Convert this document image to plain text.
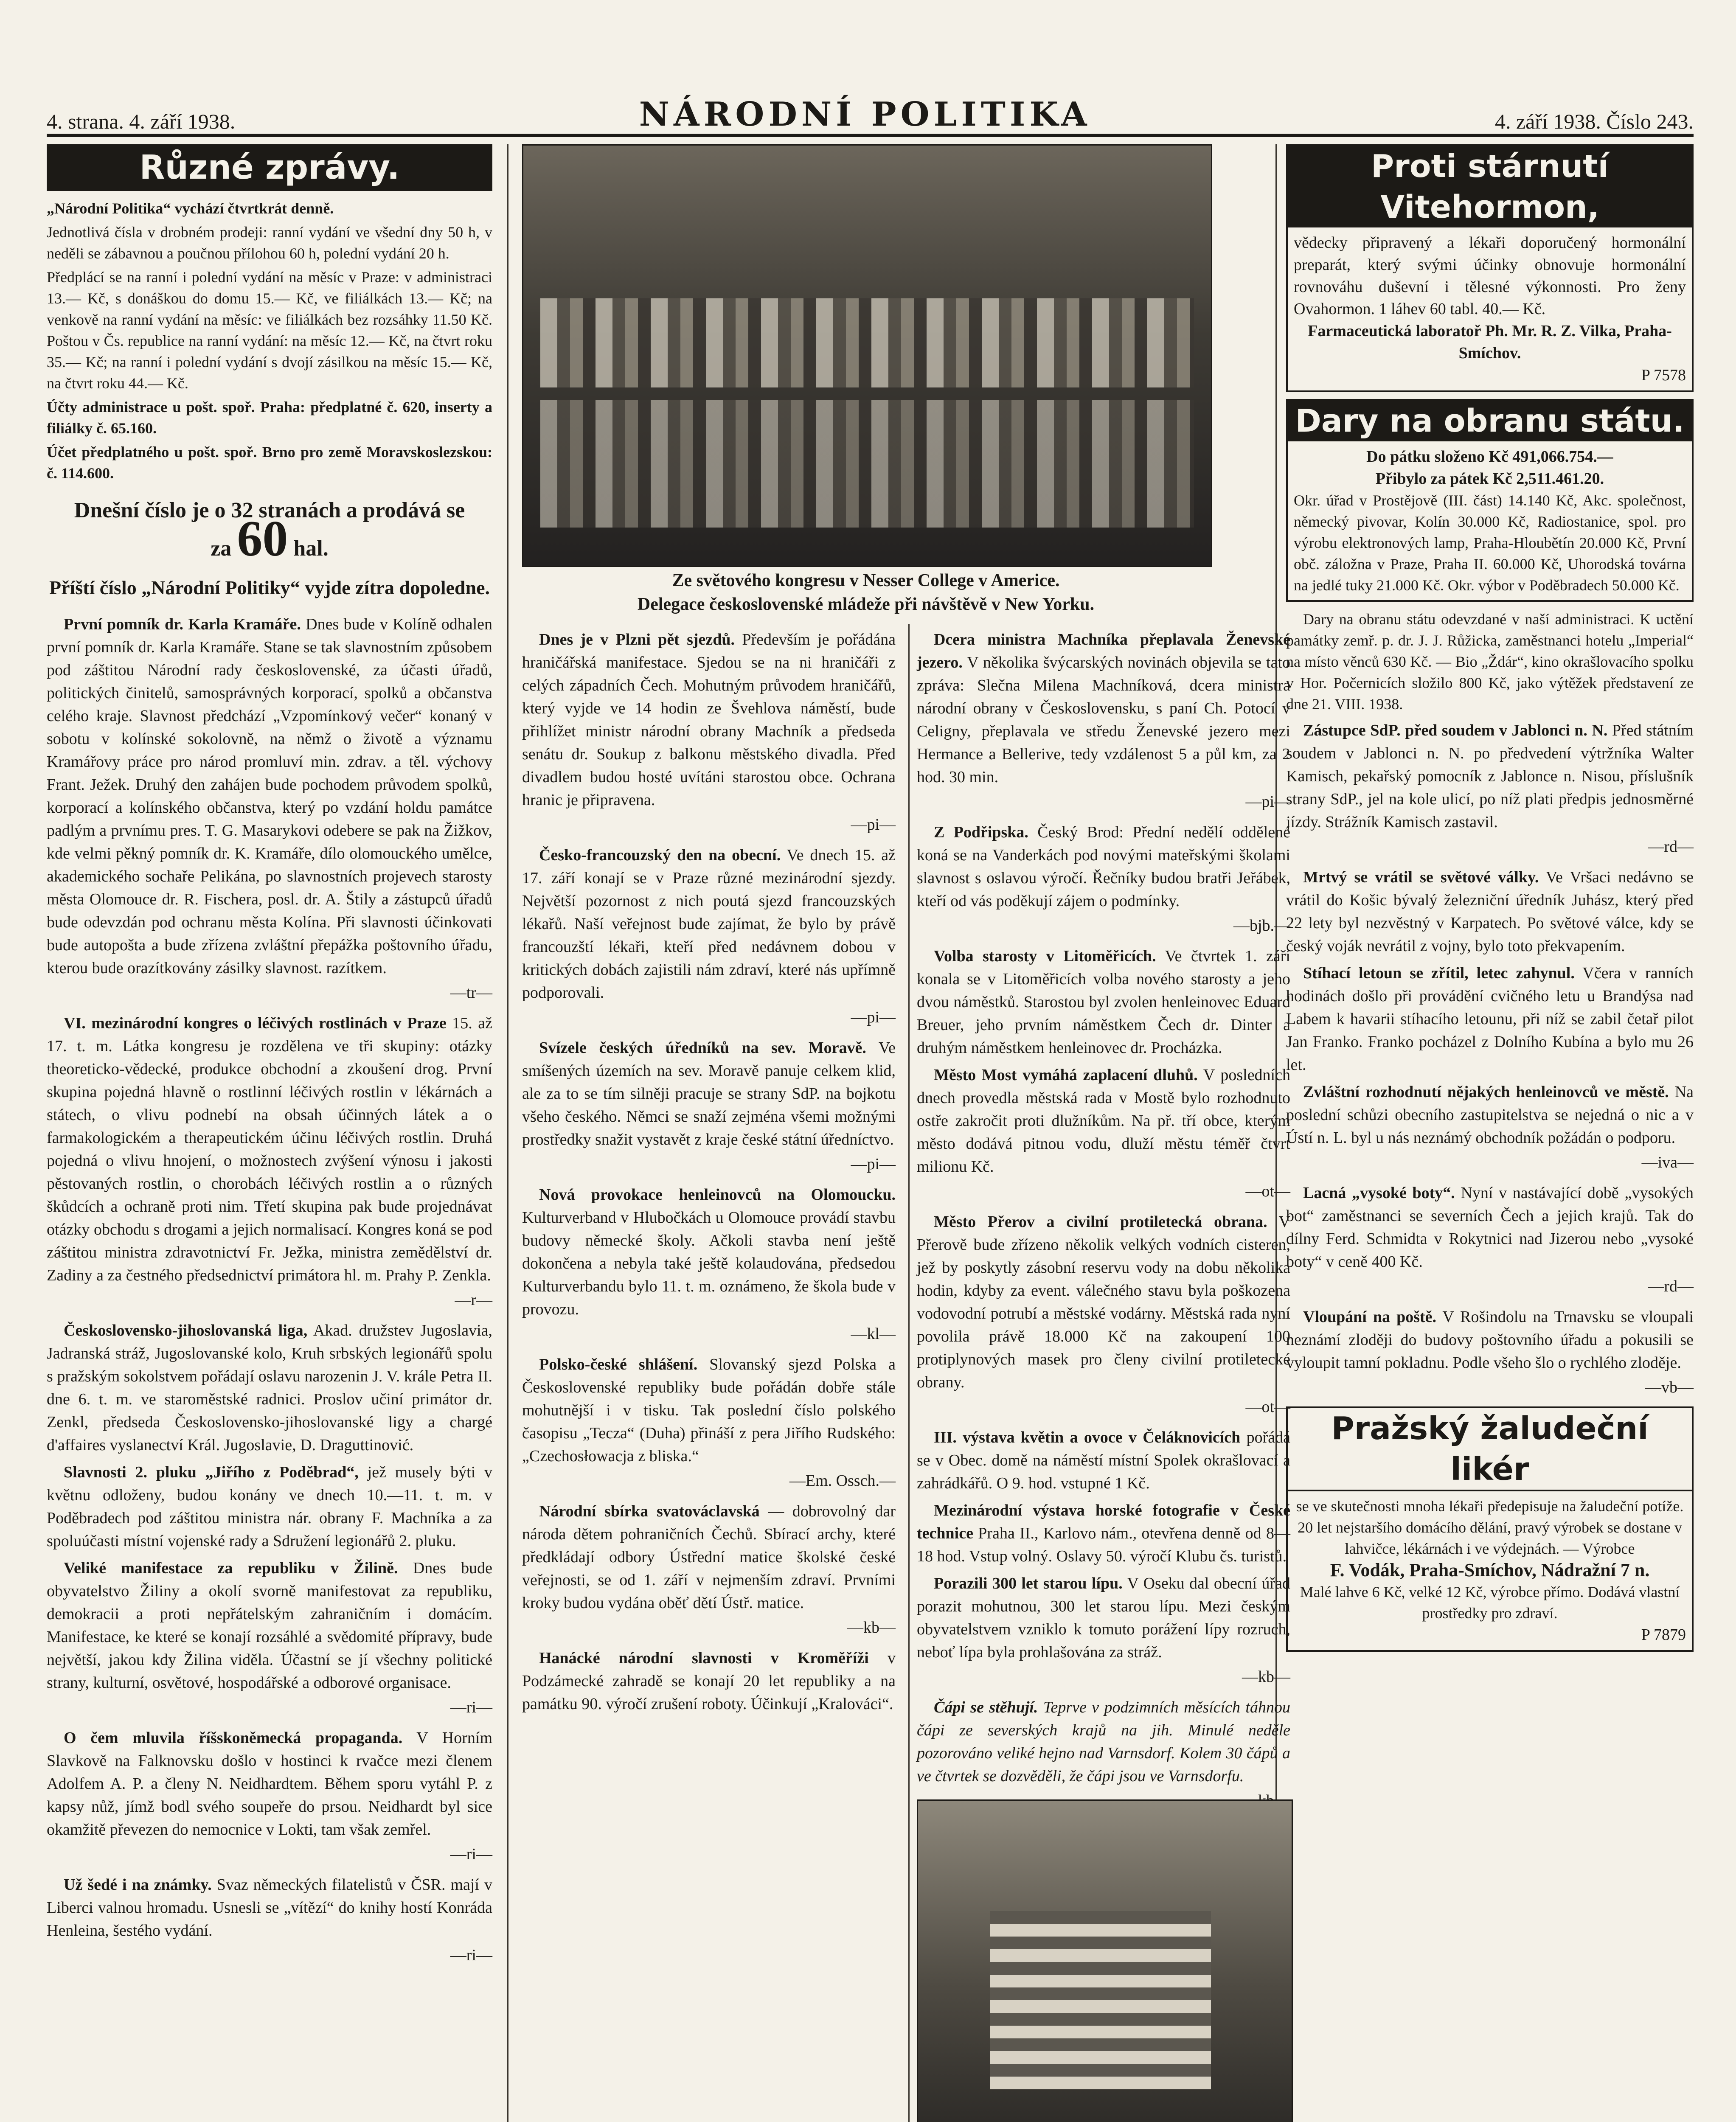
4. strana. 4. září 1938.	NÁRODNÍ POLITIKA	4. září 1938. Číslo 243.
Různé zprávy.

„Národní Politika“ vychází čtvrtkrát denně.

Jednotlivá čísla v drobném prodeji: ranní vydání ve všední dny 50 h, v neděli se zábavnou a poučnou přílohou 60 h, polední vydání 20 h.

Předplácí se na ranní i polední vydání na měsíc v Praze: v administraci 13.— Kč, s donáškou do domu 15.— Kč, ve filiálkách 13.— Kč; na venkově na ranní vydání na měsíc: ve filiálkách bez rozsáhky 11.50 Kč. Poštou v Čs. republice na ranní vydání: na měsíc 12.— Kč, na čtvrt roku 35.— Kč; na ranní i polední vydání s dvojí zásilkou na měsíc 15.— Kč, na čtvrt roku 44.— Kč.

Účty administrace u pošt. spoř. Praha: předplatné č. 620, inserty a filiálky č. 65.160.

Účet předplatného u pošt. spoř. Brno pro země Moravskoslezskou: č. 114.600.

Dnešní číslo je o 32 stranách a prodává se
za 60 hal.
Příští číslo „Národní Politiky“ vyjde zítra dopoledne.

První pomník dr. Karla Kramáře. Dnes bude v Kolíně odhalen první pomník dr. Karla Kramáře. Stane se tak slavnostním způsobem pod záštitou Národní rady československé, za účasti úřadů, politických činitelů, samosprávných korporací, spolků a občanstva celého kraje. Slavnost předchází „Vzpomínkový večer“ konaný v sobotu v kolínské sokolovně, na němž o životě a významu Kramářovy práce pro národ promluví min. zdrav. a těl. výchovy Frant. Ježek. Druhý den zahájen bude pochodem průvodem spolků, korporací a kolínského občanstva, který po vzdání holdu památce padlým a prvnímu pres. T. G. Masarykovi odebere se pak na Žižkov, kde velmi pěkný pomník dr. K. Kramáře, dílo olomouckého umělce, akademického sochaře Pelikána, po slavnostních projevech starosty města Olomouce dr. R. Fischera, posl. dr. A. Štily a zástupců úřadů bude odevzdán pod ochranu města Kolína. Při slavnosti účinkovati bude autopošta a bude zřízena zvláštní přepážka poštovního úřadu, kterou bude orazítkovány zásilky slavnost. razítkem.

—tr—

VI. mezinárodní kongres o léčivých rostlinách v Praze 15. až 17. t. m. Látka kongresu je rozdělena ve tři skupiny: otázky theoreticko-vědecké, produkce obchodní a zkoušení drog. První skupina pojedná hlavně o rostlinní léčivých rostlin v lékárnách a státech, o vlivu podnebí na obsah účinných látek a o farmakologickém a therapeutickém účinu léčivých rostlin. Druhá pojedná o vlivu hnojení, o možnostech zvýšení výnosu i jakosti pěstovaných rostlin, o chorobách léčivých rostlin a o různých škůdcích a ochraně proti nim. Třetí skupina pak bude projednávat otázky obchodu s drogami a jejich normalisací. Kongres koná se pod záštitou ministra zdravotnictví Fr. Ježka, ministra zemědělství dr. Zadiny a za čestného předsednictví primátora hl. m. Prahy P. Zenkla.

—r—

Československo-jihoslovanská liga, Akad. družstev Jugoslavia, Jadranská stráž, Jugoslovanské kolo, Kruh srbských legionářů spolu s pražským sokolstvem pořádají oslavu narozenin J. V. krále Petra II. dne 6. t. m. ve staroměstské radnici. Proslov učiní primátor dr. Zenkl, předseda Československo-jihoslovanské ligy a chargé d'affaires vyslanectví Král. Jugoslavie, D. Draguttinović.

Slavnosti 2. pluku „Jiřího z Poděbrad“, jež musely býti v květnu odloženy, budou konány ve dnech 10.—11. t. m. v Poděbradech pod záštitou ministra nár. obrany F. Machníka a za spoluúčasti místní vojenské rady a Sdružení legionářů 2. pluku.

Veliké manifestace za republiku v Žilině. Dnes bude obyvatelstvo Žiliny a okolí svorně manifestovat za republiku, demokracii a proti nepřátelským zahraničním i domácím. Manifestace, ke které se konají rozsáhlé a svědomité přípravy, bude největší, jakou kdy Žilina viděla. Účastní se jí všechny politické strany, kulturní, osvětové, hospodářské a odborové organisace.

—ri—

O čem mluvila říšskoněmecká propaganda. V Horním Slavkově na Falknovsku došlo v hostinci k rvačce mezi členem Adolfem A. P. a členy N. Neidhardtem. Během sporu vytáhl P. z kapsy nůž, jímž bodl svého soupeře do prsou. Neidhardt byl sice okamžitě převezen do nemocnice v Lokti, tam však zemřel.

—ri—

Už šedé i na známky. Svaz německých filatelistů v ČSR. mají v Liberci valnou hromadu. Usnesli se „vítězí“ do knihy hostí Konráda Henleina, šestého vydání.

—ri—
Ze světového kongresu v Nesser College v Americe.
Delegace československé mládeže při návštěvě v New Yorku.

Dnes je v Plzni pět sjezdů. Především je pořádána hraničářská manifestace. Sjedou se na ni hraničáři z celých západních Čech. Mohutným průvodem hraničářů, který vyjde ve 14 hodin ze Švehlova náměstí, bude přihlížet ministr národní obrany Machník a předseda senátu dr. Soukup z balkonu městského divadla. Před divadlem budou hosté uvítáni starostou obce. Ochrana hranic je připravena.

—pi—

Česko-francouzský den na obecní. Ve dnech 15. až 17. září konají se v Praze různé mezinárodní sjezdy. Největší pozornost z nich poutá sjezd francouzských lékařů. Naší veřejnost bude zajímat, že bylo by právě francouzští lékaři, kteří před nedávnem dobou v kritických dobách zajistili nám zdraví, které nás upřímně podporovali.

—pi—

Svízele českých úředníků na sev. Moravě. Ve smíšených územích na sev. Moravě panuje celkem klid, ale za to se tím silněji pracuje se strany SdP. na bojkotu všeho českého. Němci se snaží zejména všemi možnými prostředky snažit vystavět z kraje české státní úředníctvo.

—pi—

Nová provokace henleinovců na Olomoucku. Kulturverband v Hlubočkách u Olomouce provádí stavbu budovy německé školy. Ačkoli stavba není ještě dokončena a nebyla také ještě kolaudována, předsedou Kulturverbandu bylo 11. t. m. oznámeno, že škola bude v provozu.

—kl—

Polsko-české shlášení. Slovanský sjezd Polska a Československé republiky bude pořádán dobře stále mohutnější i v tisku. Tak poslední číslo polského časopisu „Tecza“ (Duha) přináší z pera Jiřího Rudského: „Czechosłowacja z bliska.“

—Em. Ossch.—

Národní sbírka svatováclavská — dobrovolný dar národa dětem pohraničních Čechů. Sbírací archy, které předkládají odbory Ústřední matice školské české veřejnosti, se od 1. září v nejmenším zdraví. Prvními kroky budou vydána oběť dětí Ústř. matice.

—kb—

Hanácké národní slavnosti v Kroměříži v Podzámecké zahradě se konají 20 let republiky a na památku 90. výročí zrušení roboty. Účinkují „Kralováci“.

Dcera ministra Machníka přeplavala Ženevské jezero. V několika švýcarských novinách objevila se tato zpráva: Slečna Milena Machníková, dcera ministra národní obrany v Československu, s paní Ch. Potocí v Celigny, přeplavala ve středu Ženevské jezero mezi Hermance a Bellerive, tedy vzdálenost 5 a půl km, za 2 hod. 30 min.

—pi—

Z Podřipska. Český Brod: Přední nedělí oddělené koná se na Vanderkách pod novými mateřskými školami slavnost s oslavou výročí. Řečníky budou bratři Jeřábek, kteří od vás poděkují zájem o podmínky.

—bjb.—

Volba starosty v Litoměřicích. Ve čtvrtek 1. září konala se v Litoměřicích volba nového starosty a jeho dvou náměstků. Starostou byl zvolen henleinovec Eduard Breuer, jeho prvním náměstkem Čech dr. Dinter a druhým náměstkem henleinovec dr. Procházka.

Město Most vymáhá zaplacení dluhů. V posledních dnech provedla městská rada v Mostě bylo rozhodnuto ostře zakročit proti dlužníkům. Na př. tří obce, kterým město dodává pitnou vodu, dluží městu téměř čtvrt milionu Kč.

—ot—

Město Přerov a civilní protiletecká obrana. V Přerově bude zřízeno několik velkých vodních cisteren, jež by poskytly zásobní reservu vody na dobu několika hodin, kdyby za event. válečného stavu byla poškozena vodovodní potrubí a městské vodárny. Městská rada nyní povolila právě 18.000 Kč na zakoupení 100 protiplynových masek pro členy civilní protiletecké obrany.

—ot—

III. výstava květin a ovoce v Čeláknovicích pořádá se v Obec. domě na náměstí místní Spolek okrašlovací a zahrádkářů. O 9. hod. vstupné 1 Kč.

Mezinárodní výstava horské fotografie v České technice Praha II., Karlovo nám., otevřena denně od 8—18 hod. Vstup volný. Oslavy 50. výročí Klubu čs. turistů.

Porazili 300 let starou lípu. V Oseku dal obecní úřad porazit mohutnou, 300 let starou lípu. Mezi českým obyvatelstvem vzniklo k tomuto porážení lípy rozruch, neboť lípa byla prohlašována za stráž.

—kb—

Čápi se stěhují. Teprve v podzimních měsících táhnou čápi ze severských krajů na jih. Minulé neděle pozorováno veliké hejno nad Varnsdorf. Kolem 30 čápů a ve čtvrtek se dozvěděli, že čápi jsou ve Varnsdorfu.

Proti stárnutí Vitehormon,
vědecky připravený a lékaři doporučený hormonální preparát, který svými účinky obnovuje hormonální rovnováhu duševní i tělesné výkonnosti. Pro ženy Ovahormon. 1 láhev 60 tabl. 40.— Kč.
Farmaceutická laboratoř Ph. Mr. R. Z. Vilka, Praha-Smíchov.
P 7578
Dary na obranu státu.
Do pátku složeno Kč 491,066.754.—
Přibylo za pátek Kč 2,511.461.20.
Okr. úřad v Prostějově (III. část) 14.140 Kč, Akc. společnost, německý pivovar, Kolín 30.000 Kč, Radiostanice, spol. pro výrobu elektronových lamp, Praha-Hloubětín 20.000 Kč, První obč. záložna v Praze, Praha II. 60.000 Kč, Uhorodská továrna na jedlé tuky 21.000 Kč. Okr. výbor v Poděbradech 50.000 Kč.

Dary na obranu státu odevzdané v naší administraci. K uctění památky zemř. p. dr. J. J. Růžicka, zaměstnanci hotelu „Imperial“ na místo věnců 630 Kč. — Bio „Ždár“, kino okrašlovacího spolku v Hor. Počernicích složilo 800 Kč, jako výtěžek představení ze dne 21. VIII. 1938.

Zástupce SdP. před soudem v Jablonci n. N. Před státním soudem v Jablonci n. N. po předvedení výtržníka Walter Kamisch, pekařský pomocník z Jablonce n. Nisou, příslušník strany SdP., jel na kole ulicí, po níž plati předpis jednosměrné jízdy. Strážník Kamisch zastavil.

—rd—

Mrtvý se vrátil se světové války. Ve Vršaci nedávno se vrátil do Košic bývalý železniční úředník Juhász, který před 22 lety byl nezvěstný v Karpatech. Po světové válce, kdy se český voják nevrátil z vojny, bylo toto překvapením.

Stíhací letoun se zřítil, letec zahynul. Včera v ranních hodinách došlo při provádění cvičného letu u Brandýsa nad Labem k havarii stíhacího letounu, při níž se zabil četař pilot Jan Franko. Franko pocházel z Dolního Kubína a bylo mu 26 let.

Zvláštní rozhodnutí nějakých henleinovců ve městě. Na poslední schůzi obecního zastupitelstva se nejedná o nic a v Ústí n. L. byl u nás neznámý obchodník požádán o podporu.

—iva—

Lacná „vysoké boty“. Nyní v nastávající době „vysokých bot“ zaměstnanci se severních Čech a jejich krajů. Tak do dílny Ferd. Schmidta v Rokytnici nad Jizerou nebo „vysoké boty“ v ceně 400 Kč.

—rd—

Vloupání na poště. V Rošindolu na Trnavsku se vloupali neznámí zloději do budovy poštovního úřadu a pokusili se vyloupit tamní pokladnu. Podle všeho šlo o rychlého zloděje.

—vb—
Pražský žaludeční likér
se ve skutečnosti mnoha lékaři předepisuje na žaludeční potíže. 20 let nejstaršího domácího dělání, pravý výrobek se dostane v lahvičce, lékárnách i ve výdejnách. — Výrobce
F. Vodák, Praha-Smíchov, Nádražní 7 n.
Malé lahve 6 Kč, velké 12 Kč, výrobce přímo. Dodává vlastní prostředky pro zdraví.
P 7879
